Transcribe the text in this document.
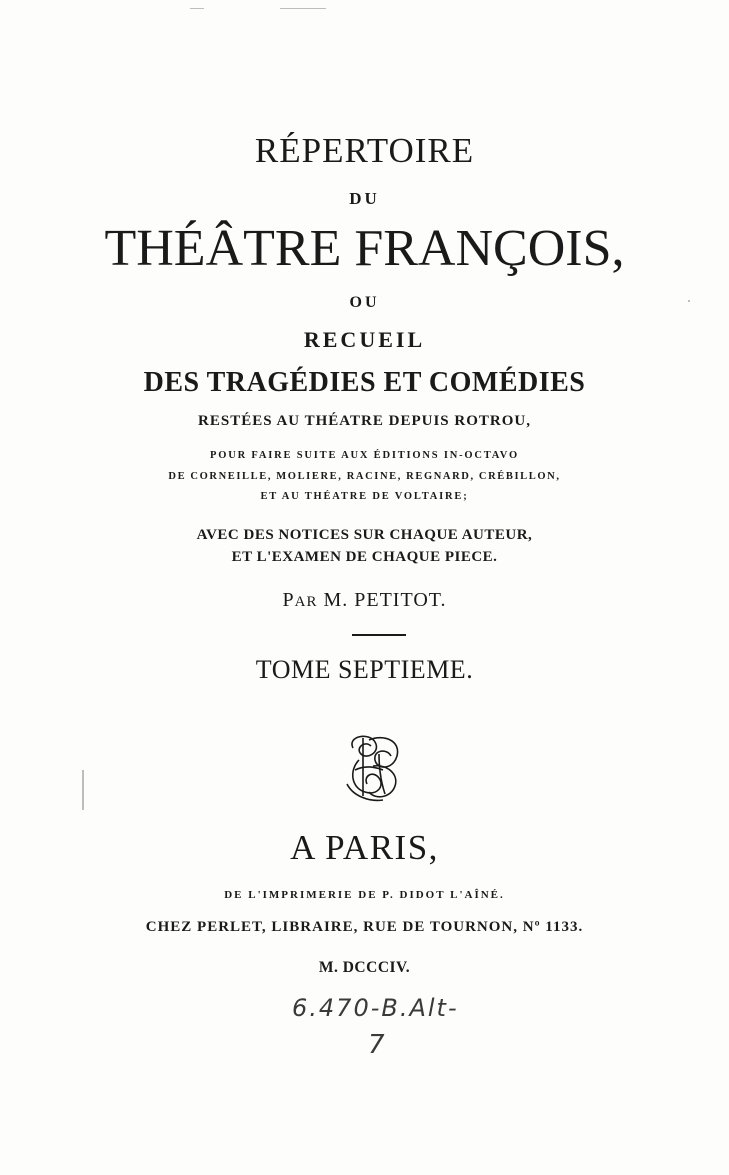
RÉPERTOIRE
DU
THÉÂTRE FRANÇOIS,
OU
RECUEIL
DES TRAGÉDIES ET COMÉDIES
RESTÉES AU THÉATRE DEPUIS ROTROU,
POUR FAIRE SUITE AUX ÉDITIONS IN-OCTAVO
DE CORNEILLE, MOLIERE, RACINE, REGNARD, CRÉBILLON,
ET AU THÉATRE DE VOLTAIRE;
AVEC DES NOTICES SUR CHAQUE AUTEUR,
ET L'EXAMEN DE CHAQUE PIECE.
PAR M. PETITOT.
TOME SEPTIEME.
A PARIS,
DE L'IMPRIMERIE DE P. DIDOT L'AÎNÉ.
CHEZ PERLET, LIBRAIRE, RUE DE TOURNON, Nº 1133.
M. DCCCIV.
6.470-B.Alt-
7
